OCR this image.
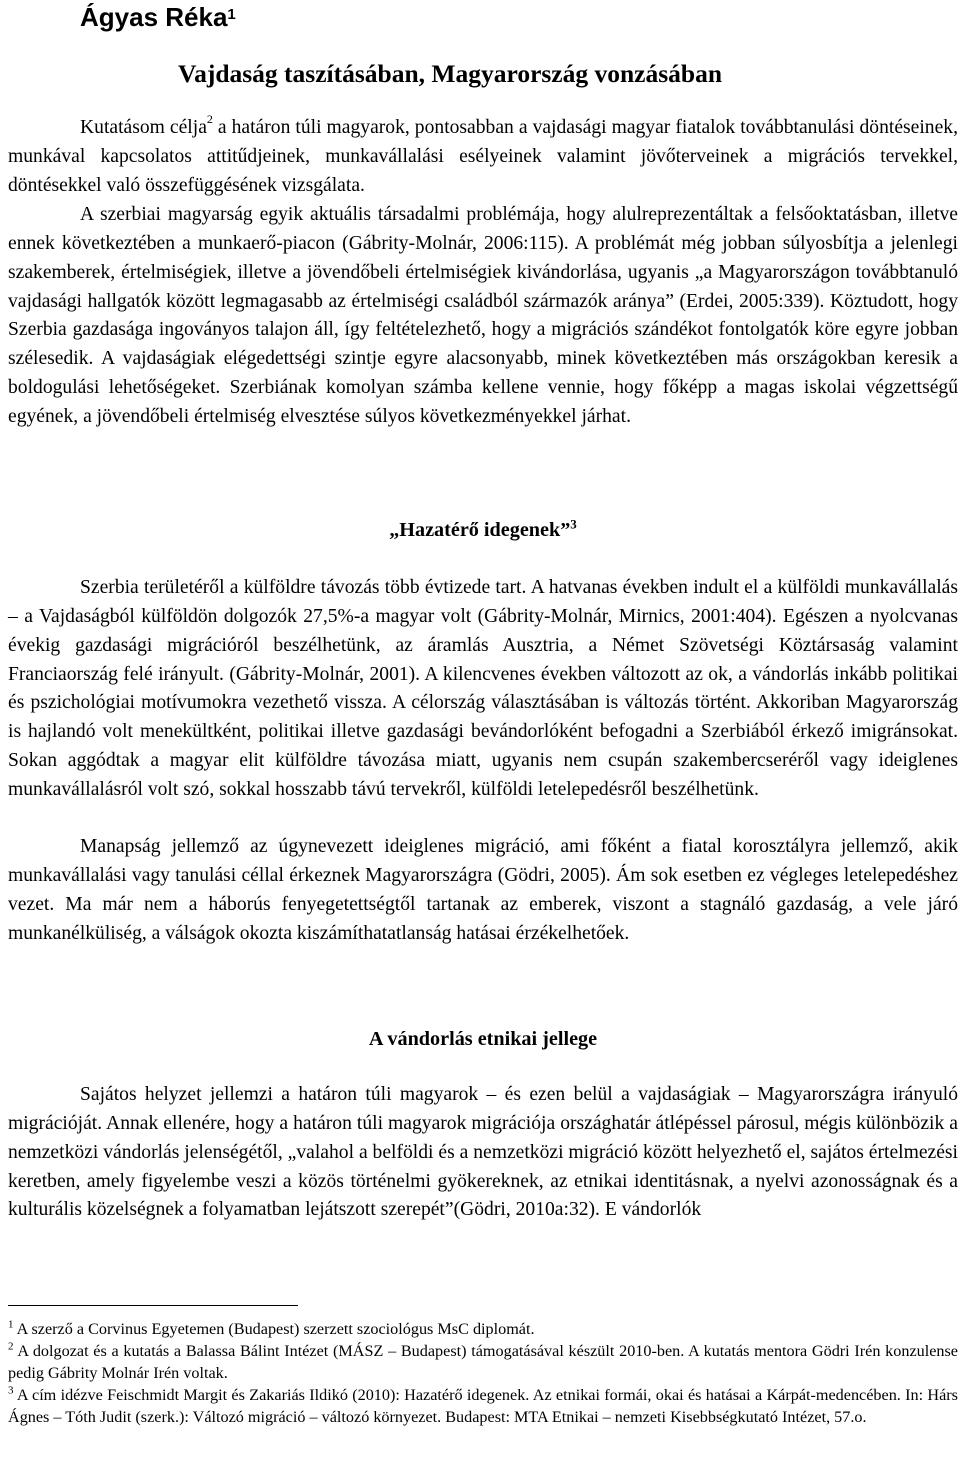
Ágyas Réka$^1$
Vajdaság taszításában, Magyarország vonzásában

Kutatásom célja$^2$ a határon túli magyarok, pontosabban a vajdasági magyar fiatalok továbbtanulási döntéseinek, munkával kapcsolatos attitűdjeinek, munkavállalási esélyeinek valamint jövőterveinek a migrációs tervekkel, döntésekkel való összefüggésének vizsgálata.

A szerbiai magyarság egyik aktuális társadalmi problémája, hogy alulreprezentáltak a felsőoktatásban, illetve ennek következtében a munkaerő-piacon (Gábrity-Molnár, 2006:115). A problémát még jobban súlyosbítja a jelenlegi szakemberek, értelmiségiek, illetve a jövendőbeli értelmiségiek kivándorlása, ugyanis „a Magyarországon továbbtanuló vajdasági hallgatók között legmagasabb az értelmiségi családból származók aránya” (Erdei, 2005:339). Köztudott, hogy Szerbia gazdasága ingoványos talajon áll, így feltételezhető, hogy a migrációs szándékot fontolgatók köre egyre jobban szélesedik. A vajdaságiak elégedettségi szintje egyre alacsonyabb, minek következtében más országokban keresik a boldogulási lehetőségeket. Szerbiának komolyan számba kellene vennie, hogy főképp a magas iskolai végzettségű egyének, a jövendőbeli értelmiség elvesztése súlyos következményekkel járhat.

„Hazatérő idegenek”$^3$

Szerbia területéről a külföldre távozás több évtizede tart. A hatvanas években indult el a külföldi munkavállalás – a Vajdaságból külföldön dolgozók 27,5%-a magyar volt (Gábrity-Molnár, Mirnics, 2001:404). Egészen a nyolcvanas évekig gazdasági migrációról beszélhetünk, az áramlás Ausztria, a Német Szövetségi Köztársaság valamint Franciaország felé irányult. (Gábrity-Molnár, 2001). A kilencvenes években változott az ok, a vándorlás inkább politikai és pszichológiai motívumokra vezethető vissza. A célország választásában is változás történt. Akkoriban Magyarország is hajlandó volt menekültként, politikai illetve gazdasági bevándorlóként befogadni a Szerbiából érkező imigránsokat. Sokan aggódtak a magyar elit külföldre távozása miatt, ugyanis nem csupán szakembercseréről vagy ideiglenes munkavállalásról volt szó, sokkal hosszabb távú tervekről, külföldi letelepedésről beszélhetünk.

Manapság jellemző az úgynevezett ideiglenes migráció, ami főként a fiatal korosztályra jellemző, akik munkavállalási vagy tanulási céllal érkeznek Magyarországra (Gödri, 2005). Ám sok esetben ez végleges letelepedéshez vezet. Ma már nem a háborús fenyegetettségtől tartanak az emberek, viszont a stagnáló gazdaság, a vele járó munkanélküliség, a válságok okozta kiszámíthatatlanság hatásai érzékelhetőek.

A vándorlás etnikai jellege

Sajátos helyzet jellemzi a határon túli magyarok – és ezen belül a vajdaságiak – Magyarországra irányuló migrációját. Annak ellenére, hogy a határon túli magyarok migrációja országhatár átlépéssel párosul, mégis különbözik a nemzetközi vándorlás jelenségétől, „valahol a belföldi és a nemzetközi migráció között helyezhető el, sajátos értelmezési keretben, amely figyelembe veszi a közös történelmi gyökereknek, az etnikai identitásnak, a nyelvi azonosságnak és a kulturális közelségnek a folyamatban lejátszott szerepét”(Gödri, 2010a:32). E vándorlók

$^1$ A szerző a Corvinus Egyetemen (Budapest) szerzett szociológus MsC diplomát.

$^2$ A dolgozat és a kutatás a Balassa Bálint Intézet (MÁSZ – Budapest) támogatásával készült 2010-ben. A kutatás mentora Gödri Irén konzulense pedig Gábrity Molnár Irén voltak.

$^3$ A cím idézve Feischmidt Margit és Zakariás Ildikó (2010): Hazatérő idegenek. Az etnikai formái, okai és hatásai a Kárpát-medencében. In: Hárs Ágnes – Tóth Judit (szerk.): Változó migráció – változó környezet. Budapest: MTA Etnikai – nemzeti Kisebbségkutató Intézet, 57.o.
